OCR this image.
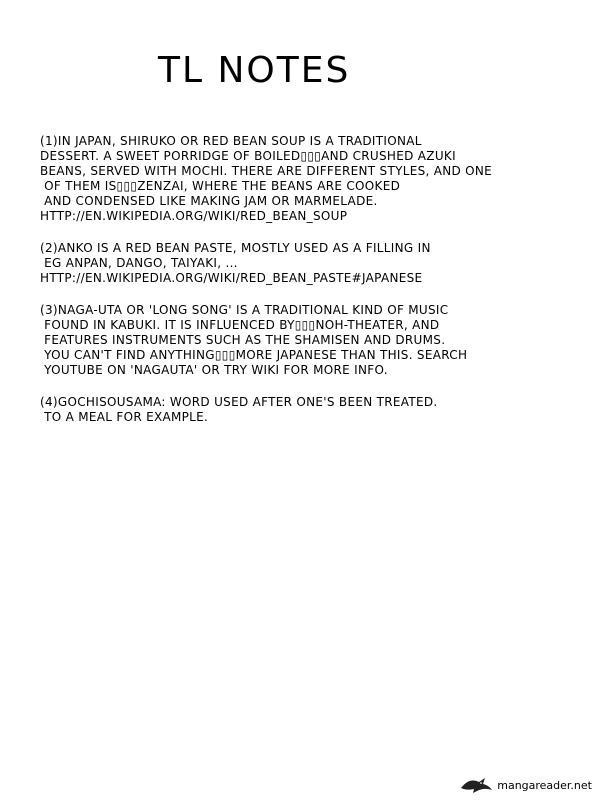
TL NOTES
(1)IN JAPAN, SHIRUKO OR RED BEAN SOUP IS A TRADITIONAL
DESSERT. A SWEET PORRIDGE OF BOILED▯▯▯AND CRUSHED AZUKI
BEANS, SERVED WITH MOCHI. THERE ARE DIFFERENT STYLES, AND ONE
OF THEM IS▯▯▯ZENZAI, WHERE THE BEANS ARE COOKED
AND CONDENSED LIKE MAKING JAM OR MARMELADE.
HTTP://EN.WIKIPEDIA.ORG/WIKI/RED_BEAN_SOUP
(2)ANKO IS A RED BEAN PASTE, MOSTLY USED AS A FILLING IN
EG ANPAN, DANGO, TAIYAKI, ...
HTTP://EN.WIKIPEDIA.ORG/WIKI/RED_BEAN_PASTE#JAPANESE
(3)NAGA-UTA OR 'LONG SONG' IS A TRADITIONAL KIND OF MUSIC
FOUND IN KABUKI. IT IS INFLUENCED BY▯▯▯NOH-THEATER, AND
FEATURES INSTRUMENTS SUCH AS THE SHAMISEN AND DRUMS.
YOU CAN'T FIND ANYTHING▯▯▯MORE JAPANESE THAN THIS. SEARCH
YOUTUBE ON 'NAGAUTA' OR TRY WIKI FOR MORE INFO.
(4)GOCHISOUSAMA: WORD USED AFTER ONE'S BEEN TREATED.
TO A MEAL FOR EXAMPLE.
mangareader.net
